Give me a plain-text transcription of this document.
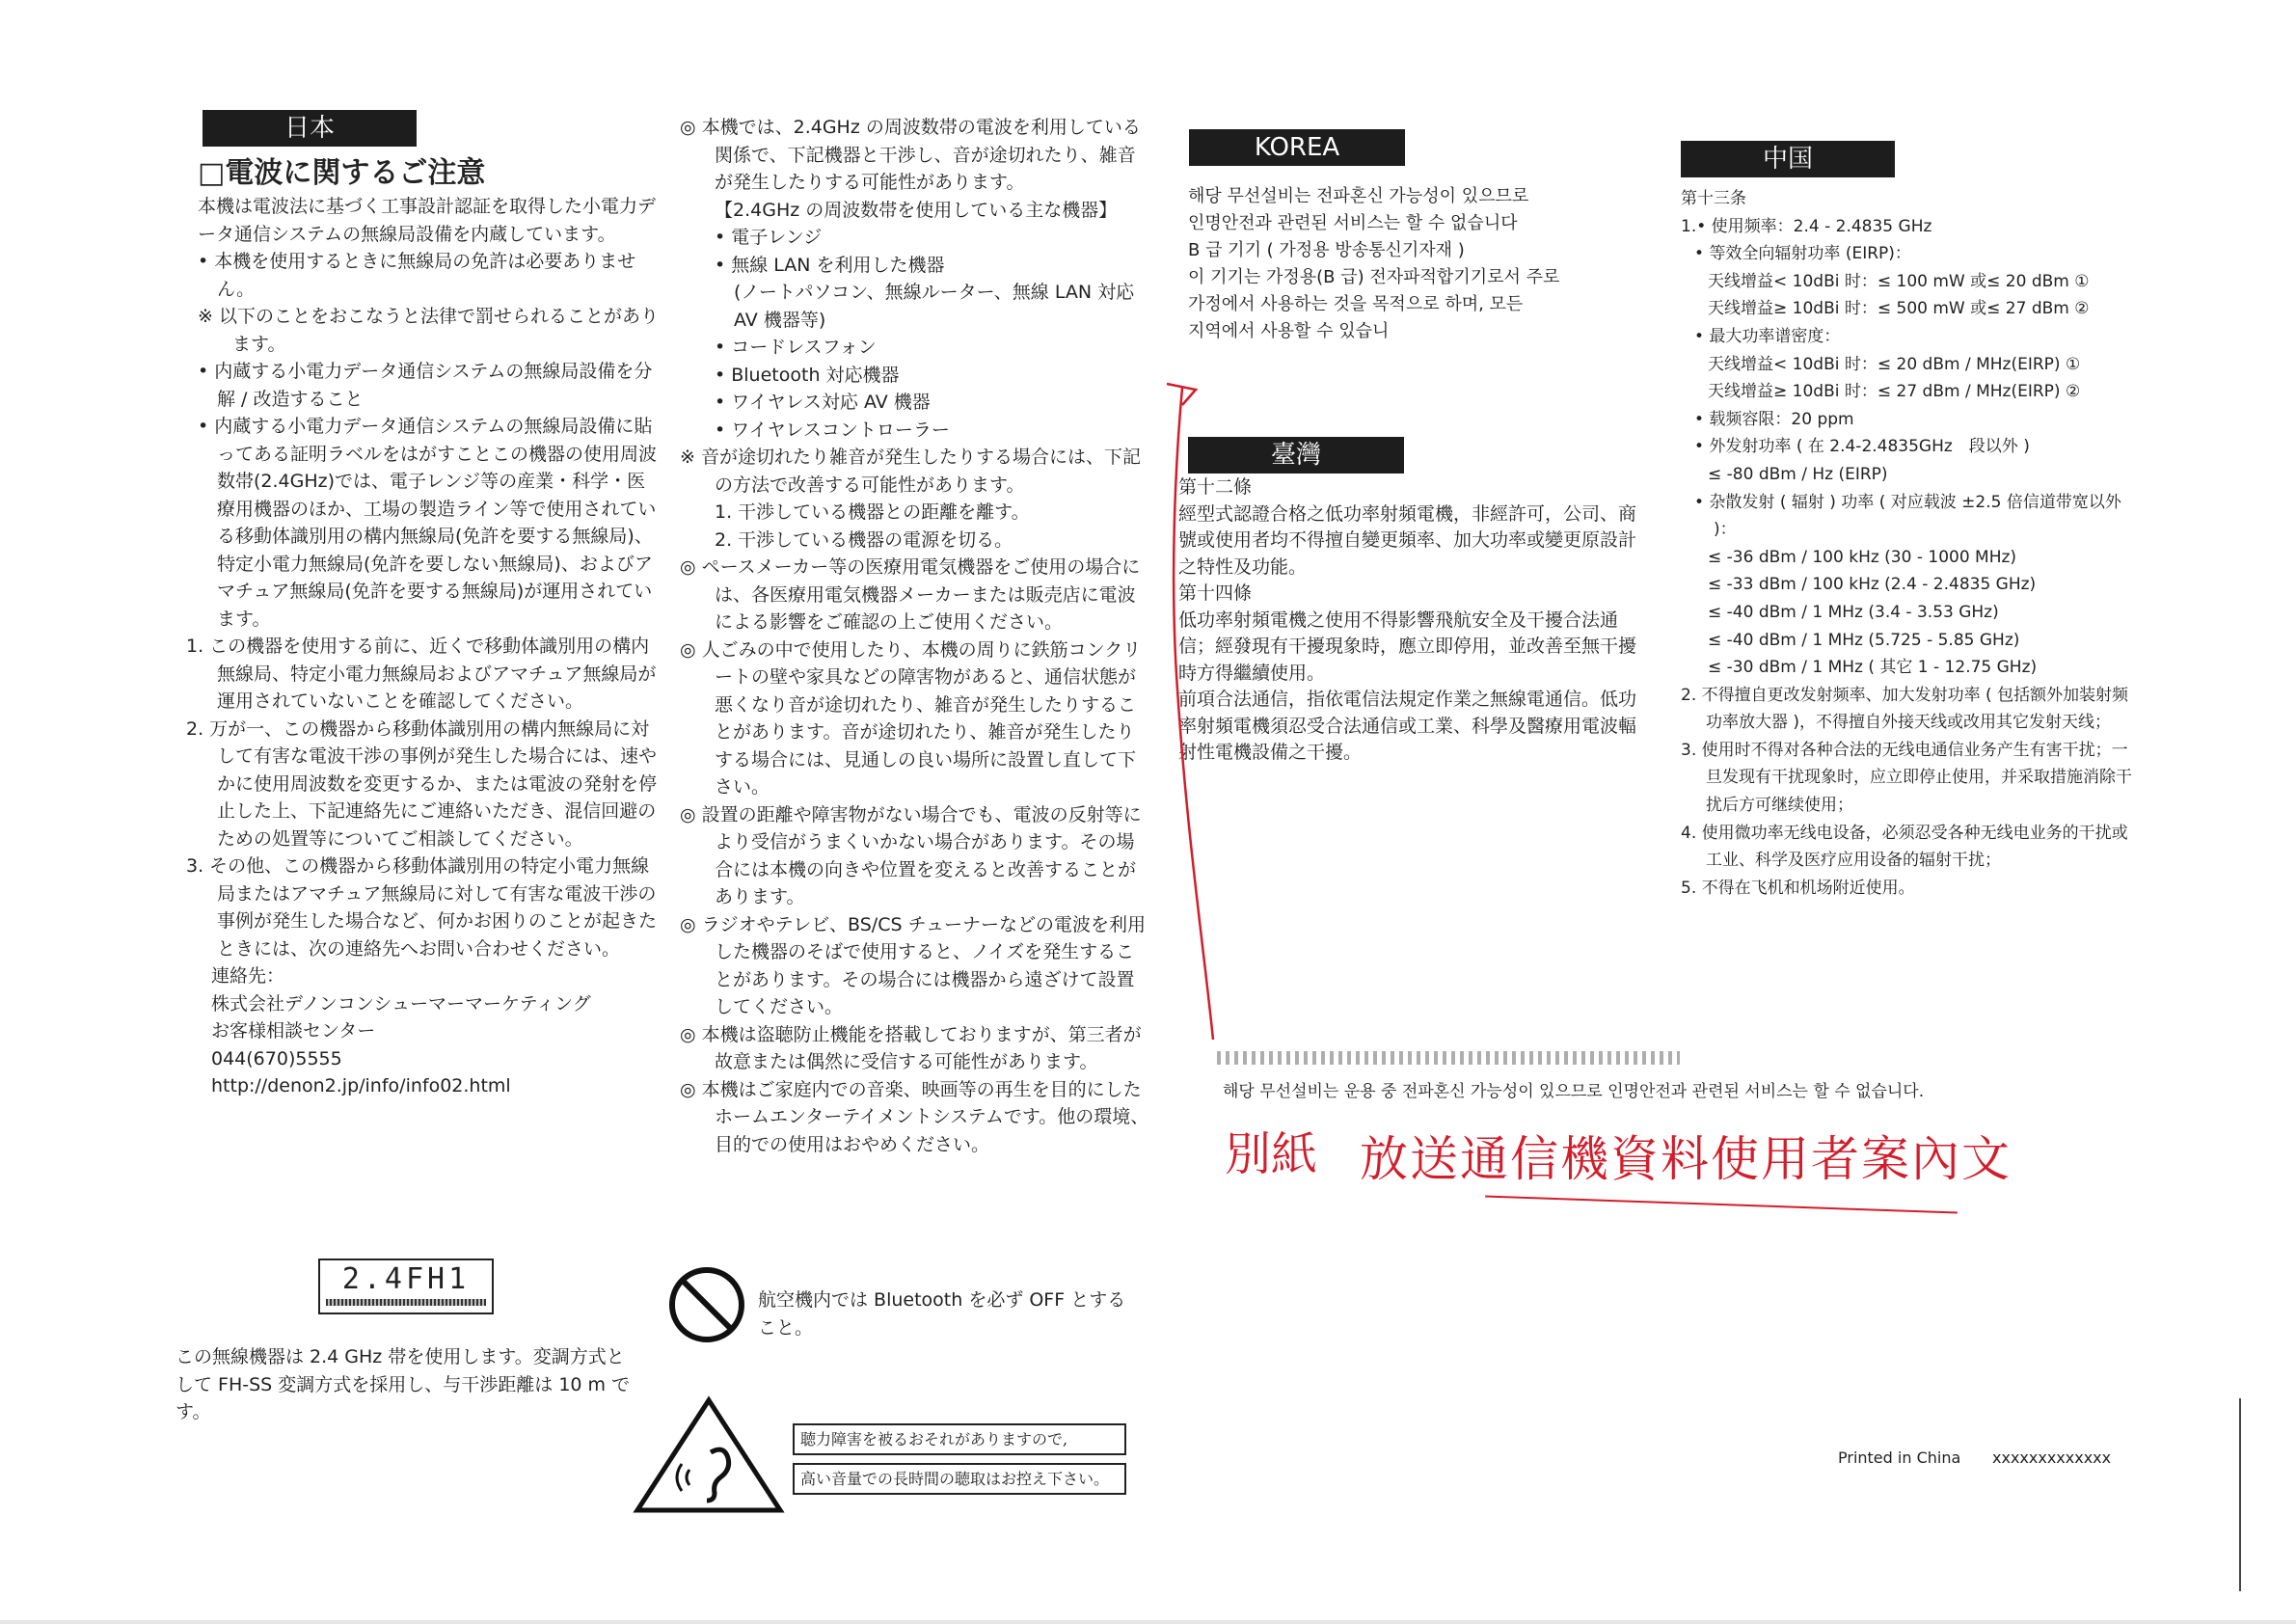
日本

□電波に関するご注意

本機は電波法に基づく工事設計認証を取得した小電力データ通信システムの無線局設備を内蔵しています。

• 本機を使用するときに無線局の免許は必要ありません。

※ 以下のことをおこなうと法律で罰せられることがあります。

• 内蔵する小電力データ通信システムの無線局設備を分解 / 改造すること

• 内蔵する小電力データ通信システムの無線局設備に貼ってある証明ラベルをはがすことこの機器の使用周波数帯(2.4GHz)では、電子レンジ等の産業・科学・医療用機器のほか、工場の製造ライン等で使用されている移動体識別用の構内無線局(免許を要する無線局)、特定小電力無線局(免許を要しない無線局)、およびアマチュア無線局(免許を要する無線局)が運用されています。

1. この機器を使用する前に、近くで移動体識別用の構内無線局、特定小電力無線局およびアマチュア無線局が運用されていないことを確認してください。

2. 万が一、この機器から移動体識別用の構内無線局に対して有害な電波干渉の事例が発生した場合には、速やかに使用周波数を変更するか、または電波の発射を停止した上、下記連絡先にご連絡いただき、混信回避のための処置等についてご相談してください。

3. その他、この機器から移動体識別用の特定小電力無線局またはアマチュア無線局に対して有害な電波干渉の事例が発生した場合など、何かお困りのことが起きたときには、次の連絡先へお問い合わせください。

連絡先：

株式会社デノンコンシューマーマーケティング

お客様相談センター

044(670)5555

http://denon2.jp/info/info02.html

2.4FH1
この無線機器は 2.4 GHz 帯を使用します。変調方式として FH-SS 変調方式を採用し、与干渉距離は 10 m です。

◎ 本機では、2.4GHz の周波数帯の電波を利用している関係で、下記機器と干渉し、音が途切れたり、雑音が発生したりする可能性があります。

【2.4GHz の周波数帯を使用している主な機器】

• 電子レンジ

• 無線 LAN を利用した機器

(ノートパソコン、無線ルーター、無線 LAN 対応 AV 機器等)

• コードレスフォン

• Bluetooth 対応機器

• ワイヤレス対応 AV 機器

• ワイヤレスコントローラー

※ 音が途切れたり雑音が発生したりする場合には、下記の方法で改善する可能性があります。

1. 干渉している機器との距離を離す。

2. 干渉している機器の電源を切る。

◎ ペースメーカー等の医療用電気機器をご使用の場合には、各医療用電気機器メーカーまたは販売店に電波による影響をご確認の上ご使用ください。

◎ 人ごみの中で使用したり、本機の周りに鉄筋コンクリートの壁や家具などの障害物があると、通信状態が悪くなり音が途切れたり、雑音が発生したりすることがあります。音が途切れたり、雑音が発生したりする場合には、見通しの良い場所に設置し直して下さい。

◎ 設置の距離や障害物がない場合でも、電波の反射等により受信がうまくいかない場合があります。その場合には本機の向きや位置を変えると改善することがあります。

◎ ラジオやテレビ、BS/CS チューナーなどの電波を利用した機器のそばで使用すると、ノイズを発生することがあります。その場合には機器から遠ざけて設置してください。

◎ 本機は盗聴防止機能を搭載しておりますが、第三者が故意または偶然に受信する可能性があります。

◎ 本機はご家庭内での音楽、映画等の再生を目的にしたホームエンターテイメントシステムです。他の環境、目的での使用はおやめください。

航空機内では Bluetooth を必ず OFF とすること。
聴力障害を被るおそれがありますので,
高い音量での長時間の聴取はお控え下さい。
KOREA

해당 무선설비는 전파혼신 가능성이 있으므로

인명안전과 관련된 서비스는 할 수 없습니다

B 급 기기 ( 가정용 방송통신기자재 )

이 기기는 가정용(B 급) 전자파적합기기로서 주로

가정에서 사용하는 것을 목적으로 하며, 모든

지역에서 사용할 수 있습니

臺灣

第十二條

經型式認證合格之低功率射頻電機，非經許可，公司、商號或使用者均不得擅自變更頻率、加大功率或變更原設計之特性及功能。

第十四條

低功率射頻電機之使用不得影響飛航安全及干擾合法通信；經發現有干擾現象時，應立即停用，並改善至無干擾時方得繼續使用。

前項合法通信，指依電信法規定作業之無線電通信。低功率射頻電機須忍受合法通信或工業、科學及醫療用電波輻射性電機設備之干擾。

中国

第十三条

1.• 使用频率：2.4 - 2.4835 GHz

• 等效全向辐射功率 (EIRP)：

天线增益< 10dBi 时：≤ 100 mW 或≤ 20 dBm ①

天线增益≥ 10dBi 时：≤ 500 mW 或≤ 27 dBm ②

• 最大功率谱密度：

天线增益< 10dBi 时：≤ 20 dBm / MHz(EIRP) ①

天线增益≥ 10dBi 时：≤ 27 dBm / MHz(EIRP) ②

• 载频容限：20 ppm

• 外发射功率 ( 在 2.4-2.4835GHz　段以外 )

≤ -80 dBm / Hz (EIRP)

• 杂散发射 ( 辐射 ) 功率 ( 对应载波 ±2.5 倍信道带宽以外 )：

≤ -36 dBm / 100 kHz (30 - 1000 MHz)

≤ -33 dBm / 100 kHz (2.4 - 2.4835 GHz)

≤ -40 dBm / 1 MHz (3.4 - 3.53 GHz)

≤ -40 dBm / 1 MHz (5.725 - 5.85 GHz)

≤ -30 dBm / 1 MHz ( 其它 1 - 12.75 GHz)

2. 不得擅自更改发射频率、加大发射功率 ( 包括额外加装射频功率放大器 )，不得擅自外接天线或改用其它发射天线；

3. 使用时不得对各种合法的无线电通信业务产生有害干扰；一旦发现有干扰现象时，应立即停止使用，并采取措施消除干扰后方可继续使用；

4. 使用微功率无线电设备，必须忍受各种无线电业务的干扰或工业、科学及医疗应用设备的辐射干扰；

5. 不得在飞机和机场附近使用。

해당 무선설비는 운용 중 전파혼신 가능성이 있으므로 인명안전과 관련된 서비스는 할 수 없습니다.
別紙 放送通信機資料使用者案內文
Printed in China xxxxxxxxxxxxx
